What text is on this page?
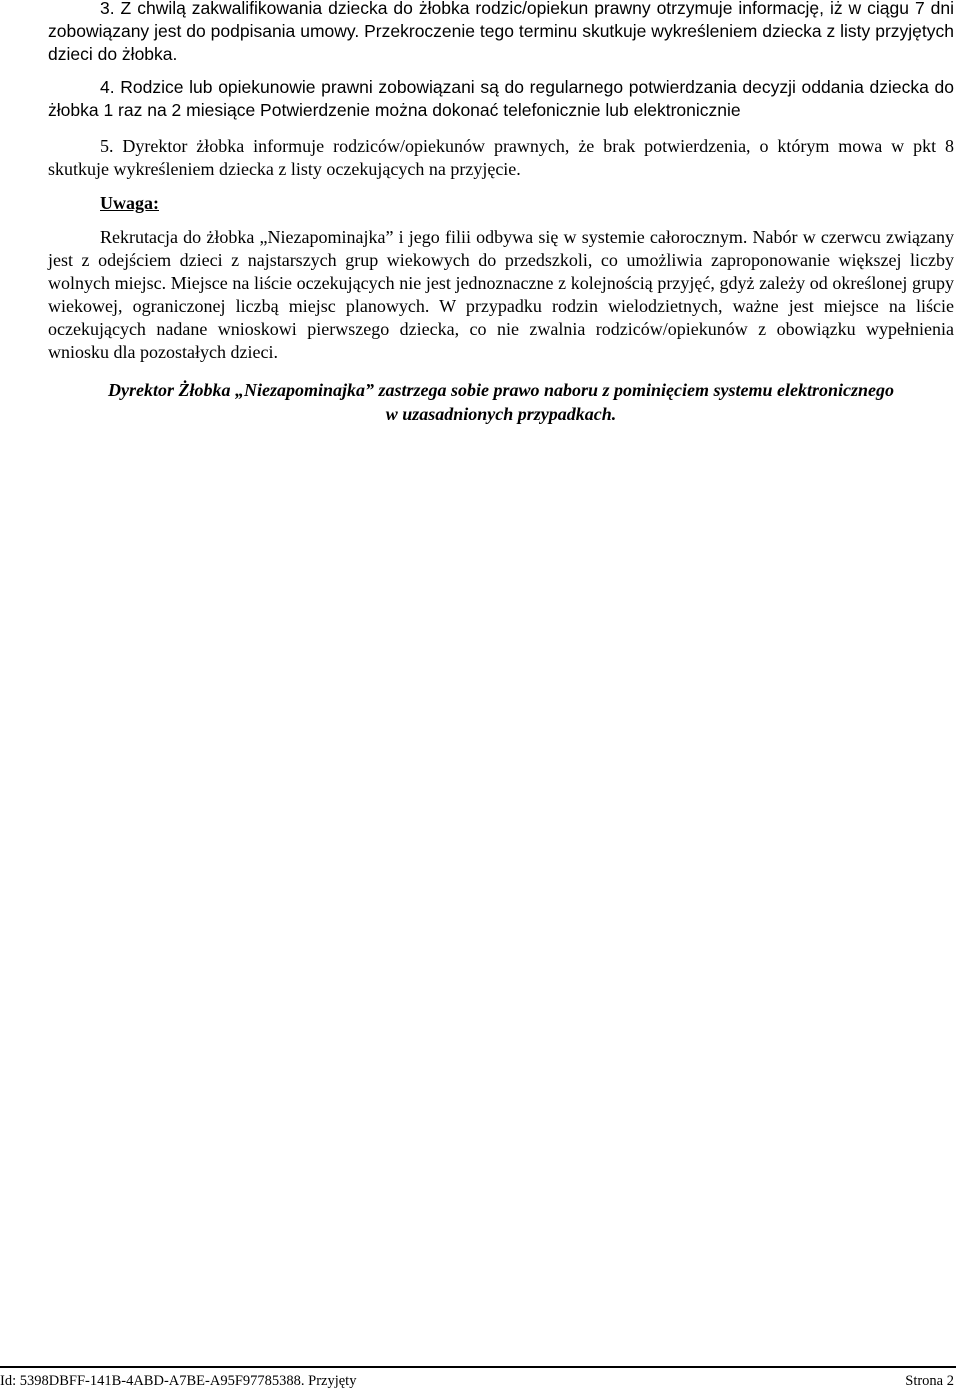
3. Z chwilą zakwalifikowania dziecka do żłobka rodzic/opiekun prawny otrzymuje informację, iż w ciągu 7 dni zobowiązany jest do podpisania umowy. Przekroczenie tego terminu skutkuje wykreśleniem dziecka z listy przyjętych dzieci do żłobka.

4. Rodzice lub opiekunowie prawni zobowiązani są do regularnego potwierdzania decyzji oddania dziecka do żłobka 1 raz na 2 miesiące Potwierdzenie można dokonać telefonicznie lub elektronicznie

5. Dyrektor żłobka informuje rodziców/opiekunów prawnych, że brak potwierdzenia, o którym mowa w pkt 8 skutkuje wykreśleniem dziecka z listy oczekujących na przyjęcie.

Uwaga:

Rekrutacja do żłobka „Niezapominajka” i jego filii odbywa się w systemie całorocznym. Nabór w czerwcu związany jest z odejściem dzieci z najstarszych grup wiekowych do przedszkoli, co umożliwia zaproponowanie większej liczby wolnych miejsc. Miejsce na liście oczekujących nie jest jednoznaczne z kolejnością przyjęć, gdyż zależy od określonej grupy wiekowej, ograniczonej liczbą miejsc planowych. W przypadku rodzin wielodzietnych, ważne jest miejsce na liście oczekujących nadane wnioskowi pierwszego dziecka, co nie zwalnia rodziców/opiekunów z obowiązku wypełnienia wniosku dla pozostałych dzieci.

Dyrektor Żłobka „Niezapominajka” zastrzega sobie prawo naboru z pominięciem systemu elektronicznego
w uzasadnionych przypadkach.
Id: 5398DBFF-141B-4ABD-A7BE-A95F97785388. Przyjęty	Strona 2
